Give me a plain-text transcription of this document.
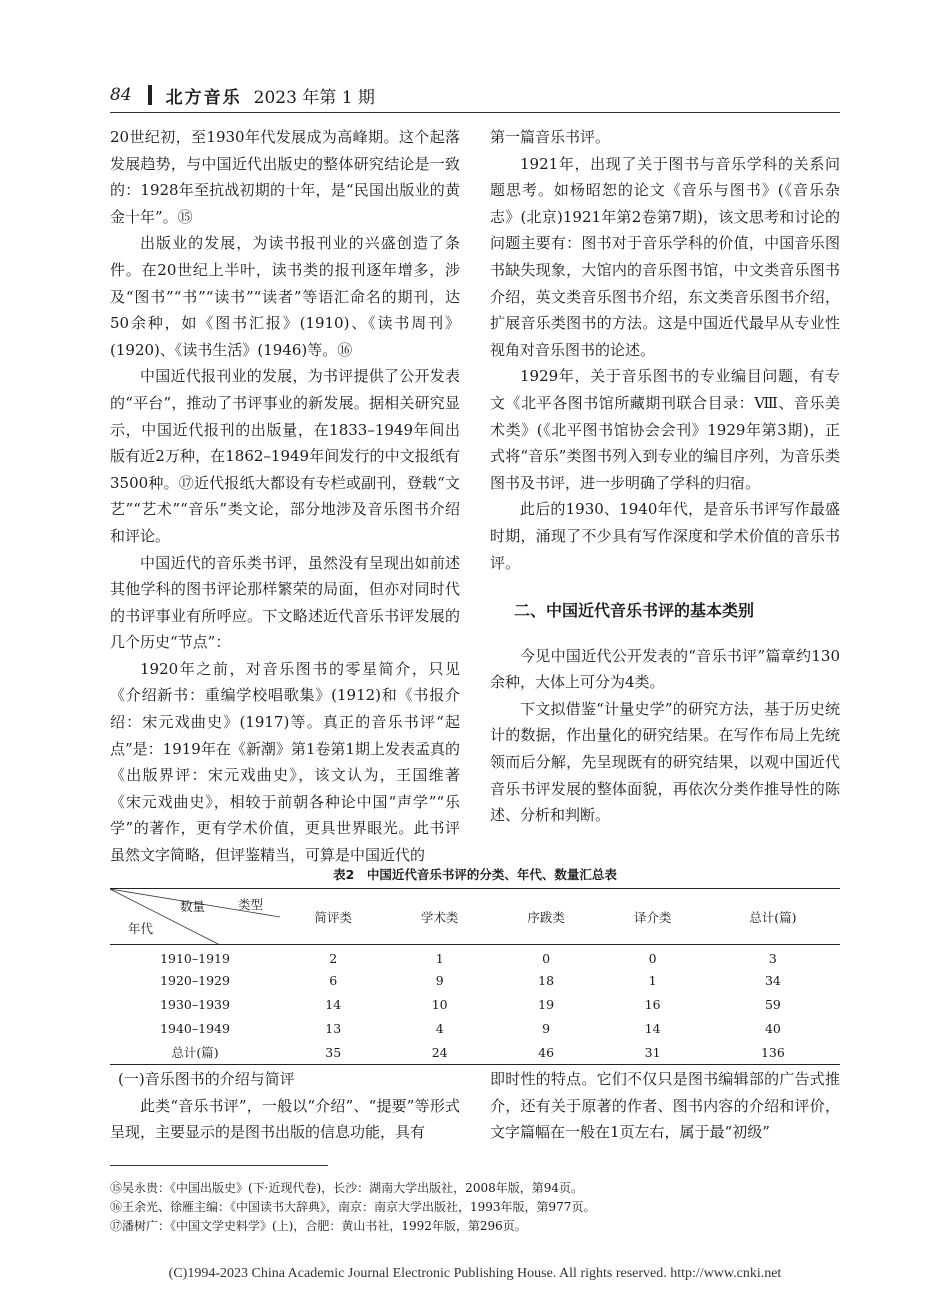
84 北方音乐 2023 年第 1 期

20世纪初，至1930年代发展成为高峰期。这个起落发展趋势，与中国近代出版史的整体研究结论是一致的：1928年至抗战初期的十年，是“民国出版业的黄金十年”。⑮

出版业的发展，为读书报刊业的兴盛创造了条件。在20世纪上半叶，读书类的报刊逐年增多，涉及“图书”“书”“读书”“读者”等语汇命名的期刊，达50余种，如《图书汇报》(1910)、《读书周刊》(1920)、《读书生活》(1946)等。⑯

中国近代报刊业的发展，为书评提供了公开发表的“平台”，推动了书评事业的新发展。据相关研究显示，中国近代报刊的出版量，在1833–1949年间出版有近2万种，在1862–1949年间发行的中文报纸有3500种。⑰近代报纸大都设有专栏或副刊，登载“文艺”“艺术”“音乐”类文论，部分地涉及音乐图书介绍和评论。

中国近代的音乐类书评，虽然没有呈现出如前述其他学科的图书评论那样繁荣的局面，但亦对同时代的书评事业有所呼应。下文略述近代音乐书评发展的几个历史“节点”：

1920年之前，对音乐图书的零星简介，只见《介绍新书：重编学校唱歌集》(1912)和《书报介绍：宋元戏曲史》(1917)等。真正的音乐书评“起点”是：1919年在《新潮》第1卷第1期上发表孟真的《出版界评：宋元戏曲史》，该文认为，王国维著《宋元戏曲史》，相较于前朝各种论中国“声学”“乐学”的著作，更有学术价值，更具世界眼光。此书评虽然文字简略，但评鉴精当，可算是中国近代的

第一篇音乐书评。

1921年，出现了关于图书与音乐学科的关系问题思考。如杨昭恕的论文《音乐与图书》(《音乐杂志》(北京)1921年第2卷第7期)，该文思考和讨论的问题主要有：图书对于音乐学科的价值，中国音乐图书缺失现象，大馆内的音乐图书馆，中文类音乐图书介绍，英文类音乐图书介绍，东文类音乐图书介绍，扩展音乐类图书的方法。这是中国近代最早从专业性视角对音乐图书的论述。

1929年，关于音乐图书的专业编目问题，有专文《北平各图书馆所藏期刊联合目录：Ⅷ、音乐美术类》(《北平图书馆协会会刊》1929年第3期)，正式将“音乐”类图书列入到专业的编目序列，为音乐类图书及书评，进一步明确了学科的归宿。

此后的1930、1940年代，是音乐书评写作最盛时期，涌现了不少具有写作深度和学术价值的音乐书评。

二、中国近代音乐书评的基本类别

今见中国近代公开发表的“音乐书评”篇章约130余种，大体上可分为4类。

下文拟借鉴“计量史学”的研究方法，基于历史统计的数据，作出量化的研究结果。在写作布局上先统领而后分解，先呈现既有的研究结果，以观中国近代音乐书评发展的整体面貌，再依次分类作推导性的陈述、分析和判断。

表2　中国近代音乐书评的分类、年代、数量汇总表
类型
数量
年代	简评类	学术类	序跋类	译介类	总计(篇)
1910–1919	2	1	0	0	3
1920–1929	6	9	18	1	34
1930–1939	14	10	19	16	59
1940–1949	13	4	9	14	40
总计(篇)	35	24	46	31	136

(一)音乐图书的介绍与简评

此类“音乐书评”，一般以“介绍”、“提要”等形式呈现，主要显示的是图书出版的信息功能，具有

即时性的特点。它们不仅只是图书编辑部的广告式推介，还有关于原著的作者、图书内容的介绍和评价，文字篇幅在一般在1页左右，属于最“初级”

⑮吴永贵：《中国出版史》(下·近现代卷)，长沙：湖南大学出版社，2008年版，第94页。
⑯王余光、徐雁主编：《中国读书大辞典》，南京：南京大学出版社，1993年版，第977页。
⑰潘树广：《中国文学史料学》(上)，合肥：黄山书社，1992年版，第296页。
(C)1994-2023 China Academic Journal Electronic Publishing House. All rights reserved. http://www.cnki.net
